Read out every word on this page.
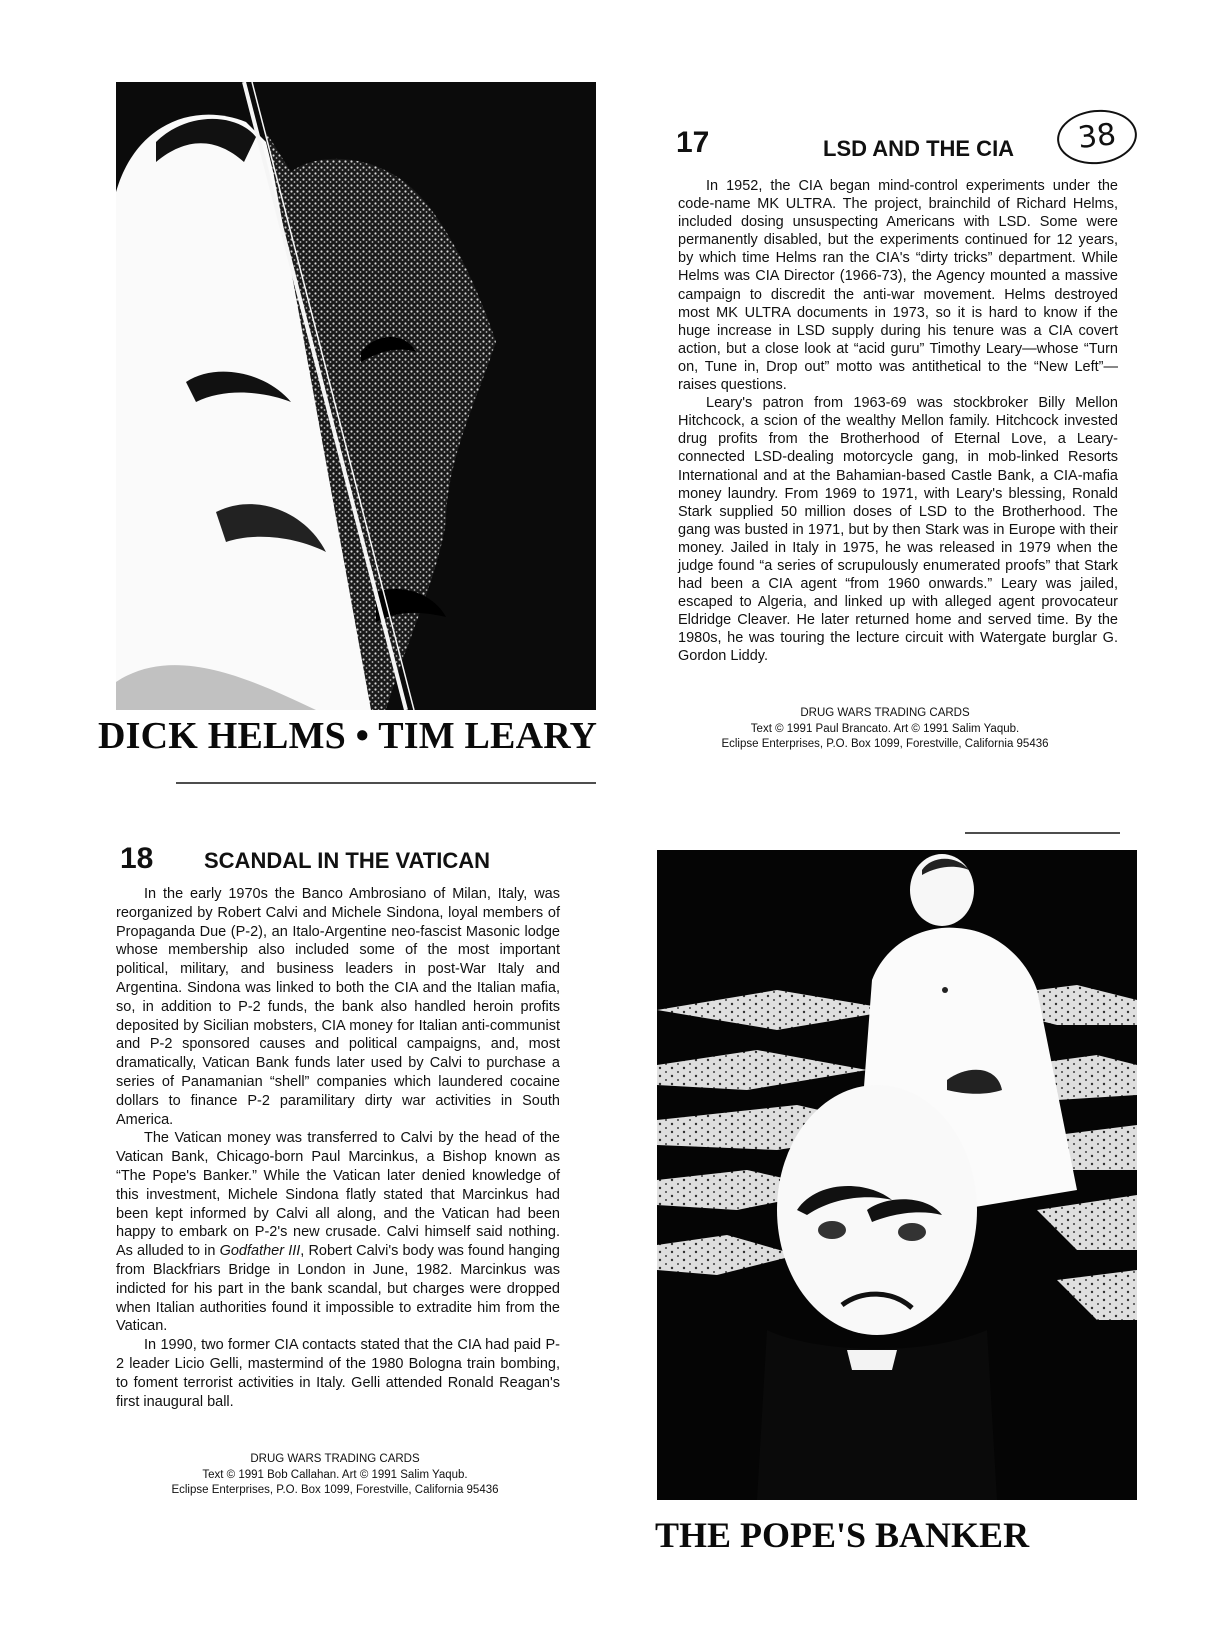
DICK HELMS • TIM LEARY
17	LSD AND THE CIA	38

In 1952, the CIA began mind-control experiments under the code-name MK ULTRA. The project, brainchild of Richard Helms, included dosing unsuspecting Americans with LSD. Some were permanently disabled, but the experiments continued for 12 years, by which time Helms ran the CIA's “dirty tricks” department. While Helms was CIA Director (1966-73), the Agency mounted a massive campaign to discredit the anti-war movement. Helms destroyed most MK ULTRA documents in 1973, so it is hard to know if the huge increase in LSD supply during his tenure was a CIA covert action, but a close look at “acid guru” Timothy Leary—whose “Turn on, Tune in, Drop out” motto was antithetical to the “New Left”—raises questions.

Leary's patron from 1963-69 was stockbroker Billy Mellon Hitchcock, a scion of the wealthy Mellon family. Hitchcock invested drug profits from the Brotherhood of Eternal Love, a Leary-connected LSD-dealing motorcycle gang, in mob-linked Resorts International and at the Bahamian-based Castle Bank, a CIA-mafia money laundry. From 1969 to 1971, with Leary's blessing, Ronald Stark supplied 50 million doses of LSD to the Brotherhood. The gang was busted in 1971, but by then Stark was in Europe with their money. Jailed in Italy in 1975, he was released in 1979 when the judge found “a series of scrupulously enumerated proofs” that Stark had been a CIA agent “from 1960 onwards.” Leary was jailed, escaped to Algeria, and linked up with alleged agent provocateur Eldridge Cleaver. He later returned home and served time. By the 1980s, he was touring the lecture circuit with Watergate burglar G. Gordon Liddy.

DRUG WARS TRADING CARDS
Text © 1991 Paul Brancato. Art © 1991 Salim Yaqub.
Eclipse Enterprises, P.O. Box 1099, Forestville, California 95436
18 SCANDAL IN THE VATICAN

In the early 1970s the Banco Ambrosiano of Milan, Italy, was reorganized by Robert Calvi and Michele Sindona, loyal members of Propaganda Due (P-2), an Italo-Argentine neo-fascist Masonic lodge whose membership also included some of the most important political, military, and business leaders in post-War Italy and Argentina. Sindona was linked to both the CIA and the Italian mafia, so, in addition to P-2 funds, the bank also handled heroin profits deposited by Sicilian mobsters, CIA money for Italian anti-communist and P-2 sponsored causes and political campaigns, and, most dramatically, Vatican Bank funds later used by Calvi to purchase a series of Panamanian “shell” companies which laundered cocaine dollars to finance P-2 paramilitary dirty war activities in South America.

The Vatican money was transferred to Calvi by the head of the Vatican Bank, Chicago-born Paul Marcinkus, a Bishop known as “The Pope's Banker.” While the Vatican later denied knowledge of this investment, Michele Sindona flatly stated that Marcinkus had been kept informed by Calvi all along, and the Vatican had been happy to embark on P-2's new crusade. Calvi himself said nothing. As alluded to in Godfather III, Robert Calvi's body was found hanging from Blackfriars Bridge in London in June, 1982. Marcinkus was indicted for his part in the bank scandal, but charges were dropped when Italian authorities found it impossible to extradite him from the Vatican.

In 1990, two former CIA contacts stated that the CIA had paid P-2 leader Licio Gelli, mastermind of the 1980 Bologna train bombing, to foment terrorist activities in Italy. Gelli attended Ronald Reagan's first inaugural ball.

DRUG WARS TRADING CARDS
Text © 1991 Bob Callahan. Art © 1991 Salim Yaqub.
Eclipse Enterprises, P.O. Box 1099, Forestville, California 95436
THE POPE'S BANKER
